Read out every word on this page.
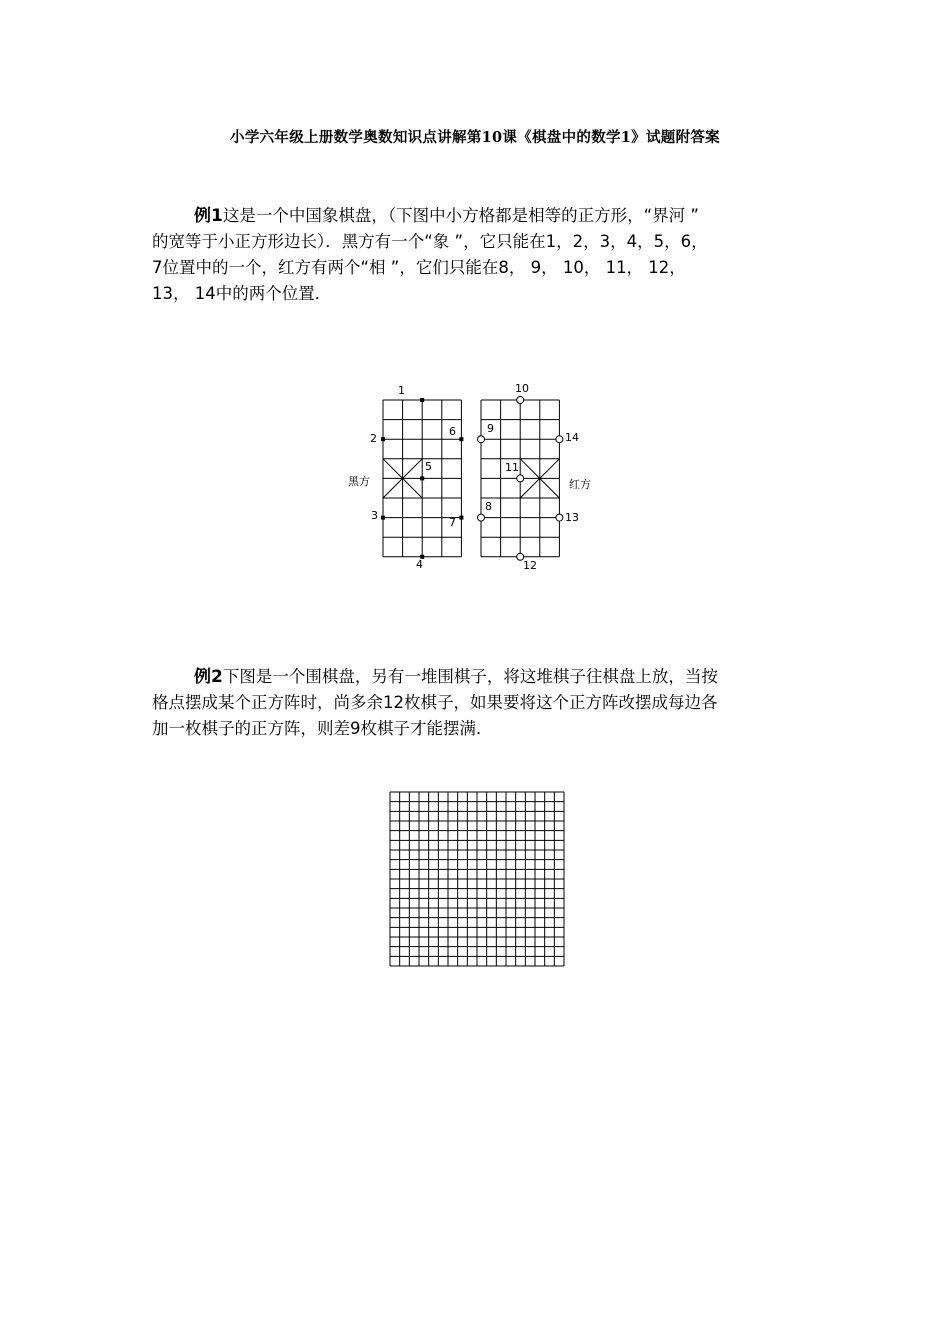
小学六年级上册数学奥数知识点讲解第10课《棋盘中的数学1》试题附答案
例1这是一个中国象棋盘，（下图中小方格都是相等的正方形，“界河 ”
的宽等于小正方形边长）．黑方有一个“象 ”，它只能在1，2，3，4，5，6，
7位置中的一个，红方有两个“相 ”，它们只能在8， 9， 10， 11， 12，
13， 14中的两个位置．
黑方	红方
1
2
3
4
5
6
7
8
9
10
11
12
13
14
例2下图是一个围棋盘，另有一堆围棋子，将这堆棋子往棋盘上放，当按
格点摆成某个正方阵时，尚多余12枚棋子，如果要将这个正方阵改摆成每边各
加一枚棋子的正方阵，则差9枚棋子才能摆满．
